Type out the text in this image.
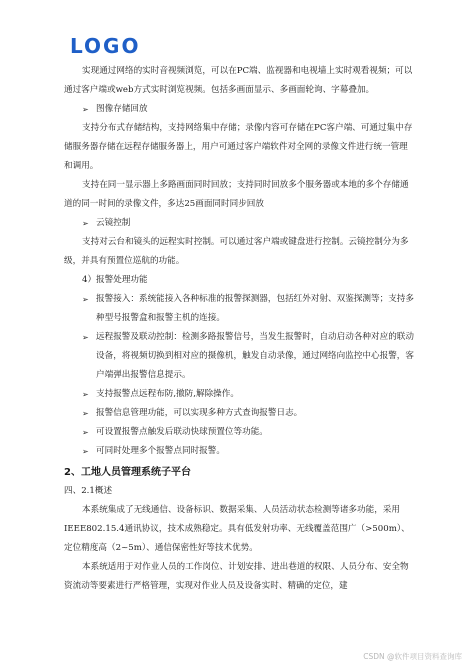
LOGO

实现通过网络的实时音视频浏览，可以在PC端、监视器和电视墙上实时观看视频；可以通过客户端或web方式实时浏览视频。包括多画面显示、多画面轮询、字幕叠加。

➢ 图像存储回放

支持分布式存储结构，支持网络集中存储；录像内容可存储在PC客户端、可通过集中存储服务器存储在远程存储服务器上，用户可通过客户端软件对全网的录像文件进行统一管理和调用。

支持在同一显示器上多路画面同时回放；支持同时回放多个服务器或本地的多个存储通道的同一时间的录像文件，多达25画面同时同步回放

➢ 云镜控制

支持对云台和镜头的远程实时控制。可以通过客户端或键盘进行控制。云镜控制分为多级，并具有预置位巡航的功能。

4）报警处理功能
➢ 报警接入：系统能接入各种标准的报警探测器，包括红外对射、双鉴探测等；支持多种型号报警盒和报警主机的连接。
➢ 远程报警及联动控制：检测多路报警信号，当发生报警时，自动启动各种对应的联动设备，将视频切换到相对应的摄像机，触发自动录像，通过网络向监控中心报警，客户端弹出报警信息提示。
➢ 支持报警点远程布防,撤防,解除操作。
➢ 报警信息管理功能，可以实现多种方式查询报警日志。
➢ 可设置报警点触发后联动快球预置位等功能。
➢ 可同时处理多个报警点同时报警。
2、工地人员管理系统子平台
四、2.1概述

本系统集成了无线通信、设备标识、数据采集、人员活动状态检测等诸多功能，采用IEEE802.15.4通讯协议，技术成熟稳定。具有低发射功率、无线覆盖范围广（>500m）、定位精度高（2~5m）、通信保密性好等技术优势。

本系统适用于对作业人员的工作岗位、计划安排、进出巷道的权限、人员分布、安全物资流动等要素进行严格管理，实现对作业人员及设备实时、精确的定位，建

CSDN @软件项目资料查询库
